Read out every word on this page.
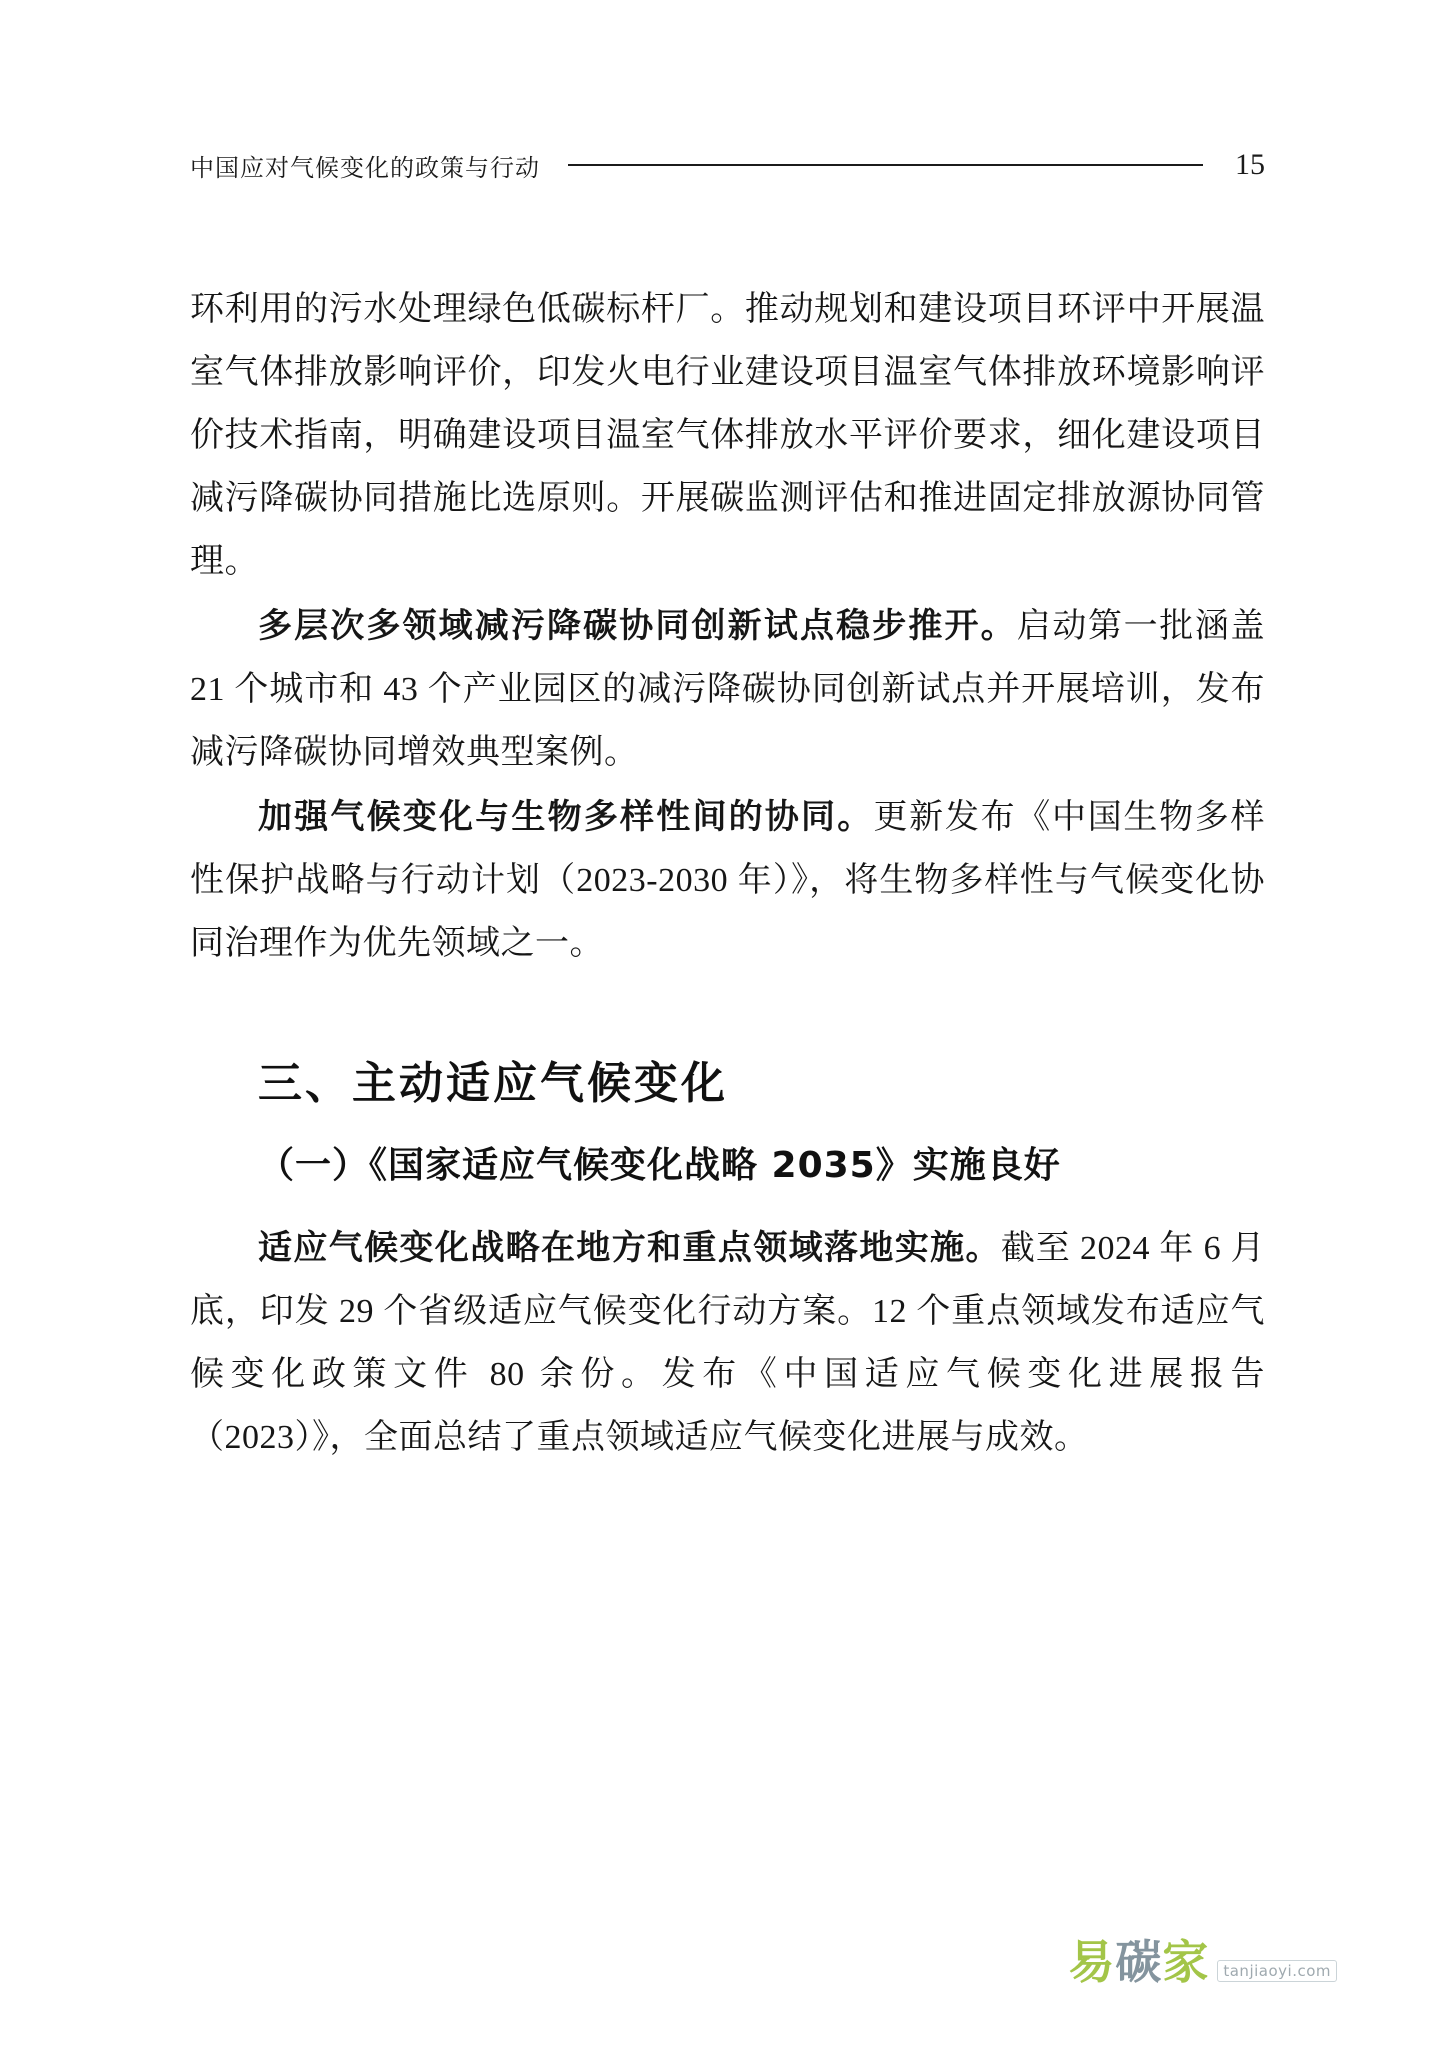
中国应对气候变化的政策与行动	15

环利用的污水处理绿色低碳标杆厂。推动规划和建设项目环评中开展温室气体排放影响评价，印发火电行业建设项目温室气体排放环境影响评价技术指南，明确建设项目温室气体排放水平评价要求，细化建设项目减污降碳协同措施比选原则。开展碳监测评估和推进固定排放源协同管理。

多层次多领域减污降碳协同创新试点稳步推开。启动第一批涵盖 21 个城市和 43 个产业园区的减污降碳协同创新试点并开展培训，发布减污降碳协同增效典型案例。

加强气候变化与生物多样性间的协同。更新发布《中国生物多样性保护战略与行动计划（2023-2030 年）》，将生物多样性与气候变化协同治理作为优先领域之一。

三、主动适应气候变化
（一）《国家适应气候变化战略 2035》实施良好

适应气候变化战略在地方和重点领域落地实施。截至 2024 年 6 月底，印发 29 个省级适应气候变化行动方案。12 个重点领域发布适应气候变化政策文件 80 余份。发布《中国适应气候变化进展报告（2023）》，全面总结了重点领域适应气候变化进展与成效。

易碳家 tanjiaoyi.com
